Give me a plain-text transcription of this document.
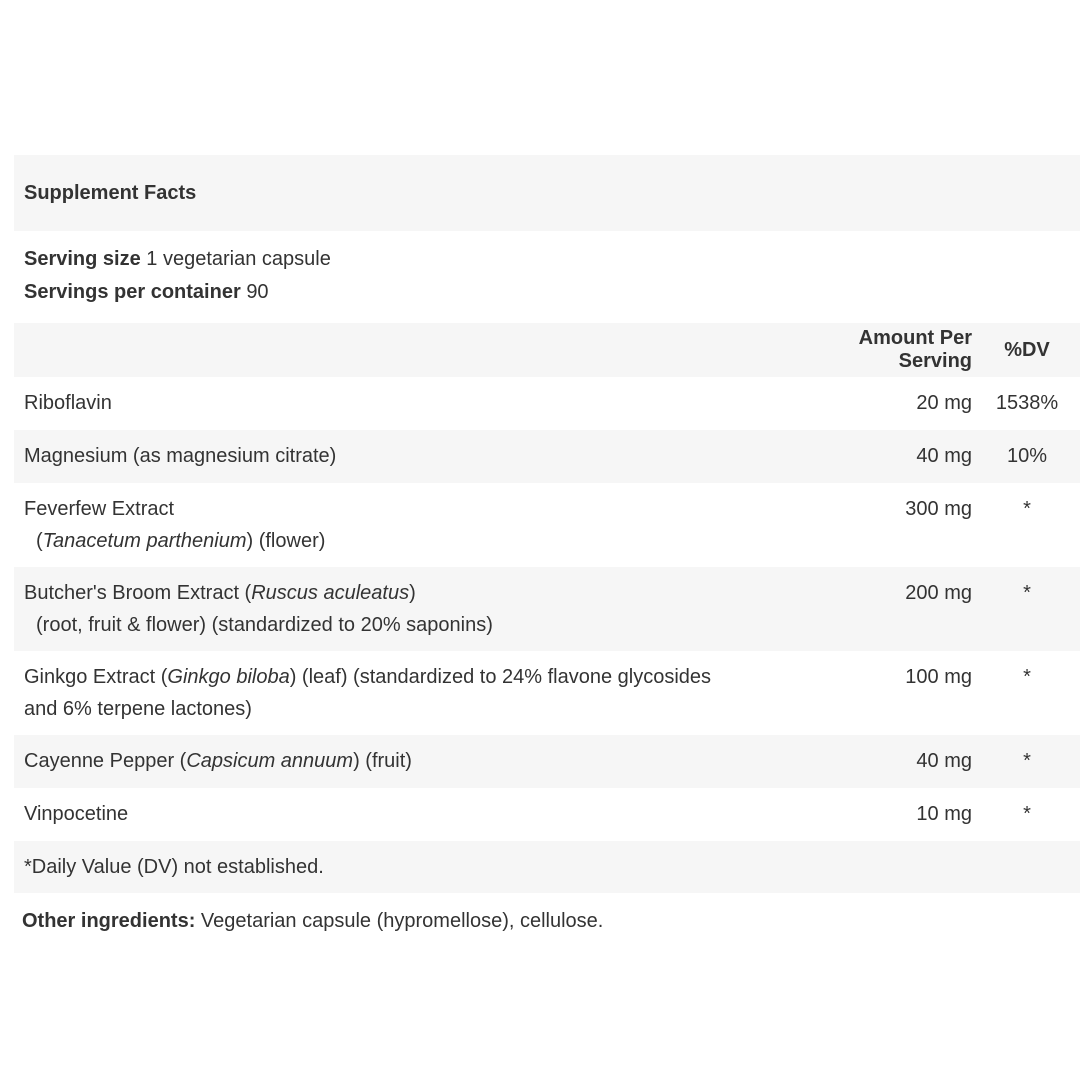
Supplement Facts
Serving size 1 vegetarian capsule
Servings per container 90
	Amount Per Serving	%DV
Riboflavin	20 mg	1538%
Magnesium (as magnesium citrate)	40 mg	10%
Feverfew Extract
(Tanacetum parthenium) (flower)	300 mg	*
Butcher's Broom Extract (Ruscus aculeatus)
(root, fruit & flower) (standardized to 20% saponins)	200 mg	*
Ginkgo Extract (Ginkgo biloba) (leaf) (standardized to 24% flavone glycosides
and 6% terpene lactones)	100 mg	*
Cayenne Pepper (Capsicum annuum) (fruit)	40 mg	*
Vinpocetine	10 mg	*
*Daily Value (DV) not established.
Other ingredients: Vegetarian capsule (hypromellose), cellulose.
